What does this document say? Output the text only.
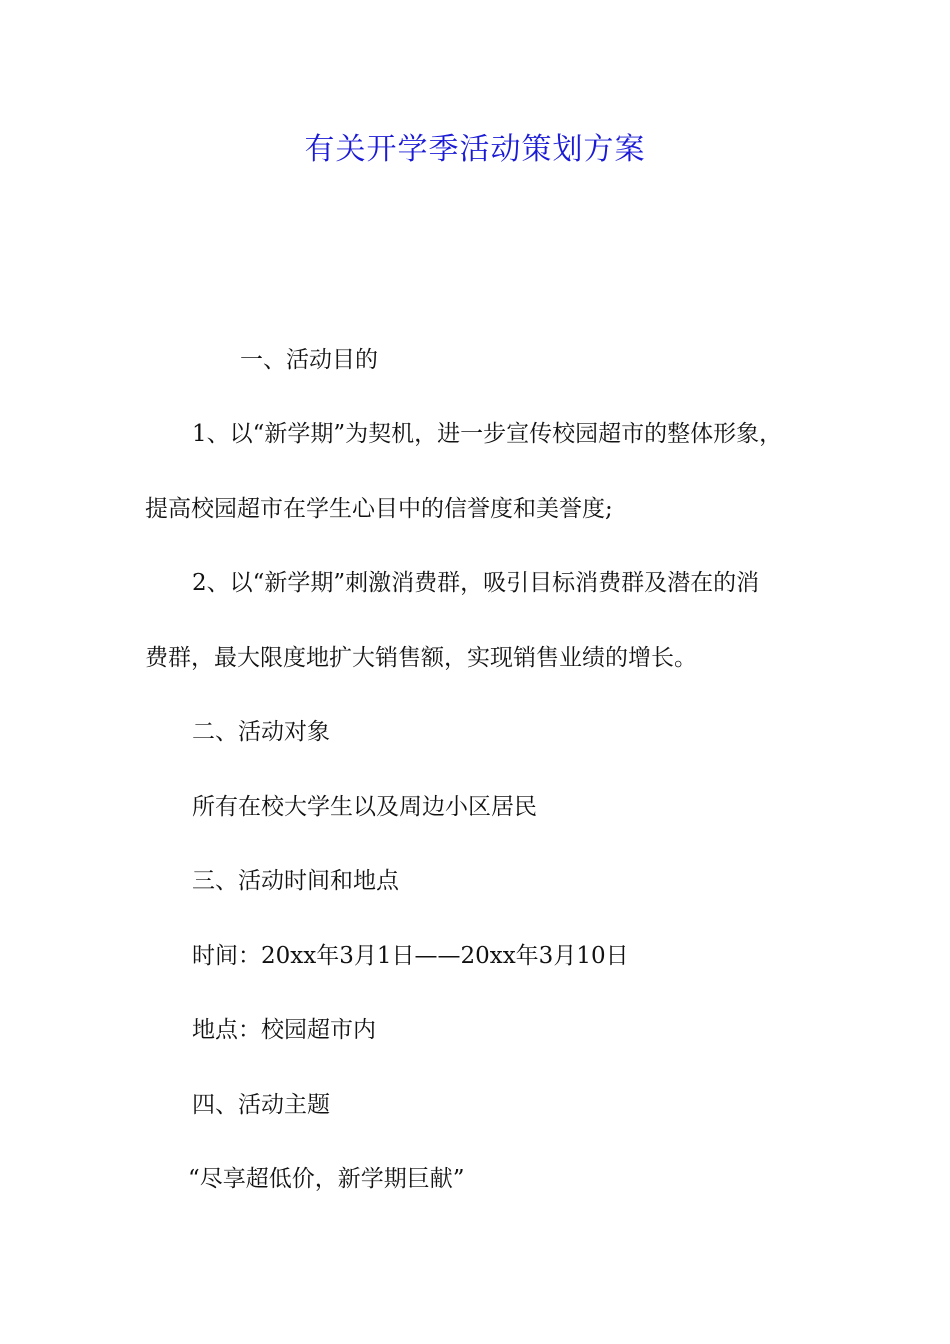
有关开学季活动策划方案
一、活动目的
1、以“新学期”为契机，进一步宣传校园超市的整体形象，
提高校园超市在学生心目中的信誉度和美誉度;
2、以“新学期”刺激消费群，吸引目标消费群及潜在的消
费群，最大限度地扩大销售额，实现销售业绩的增长。
二、活动对象
所有在校大学生以及周边小区居民
三、活动时间和地点
时间：20xx年3月1日——20xx年3月10日
地点：校园超市内
四、活动主题
“尽享超低价，新学期巨献”
